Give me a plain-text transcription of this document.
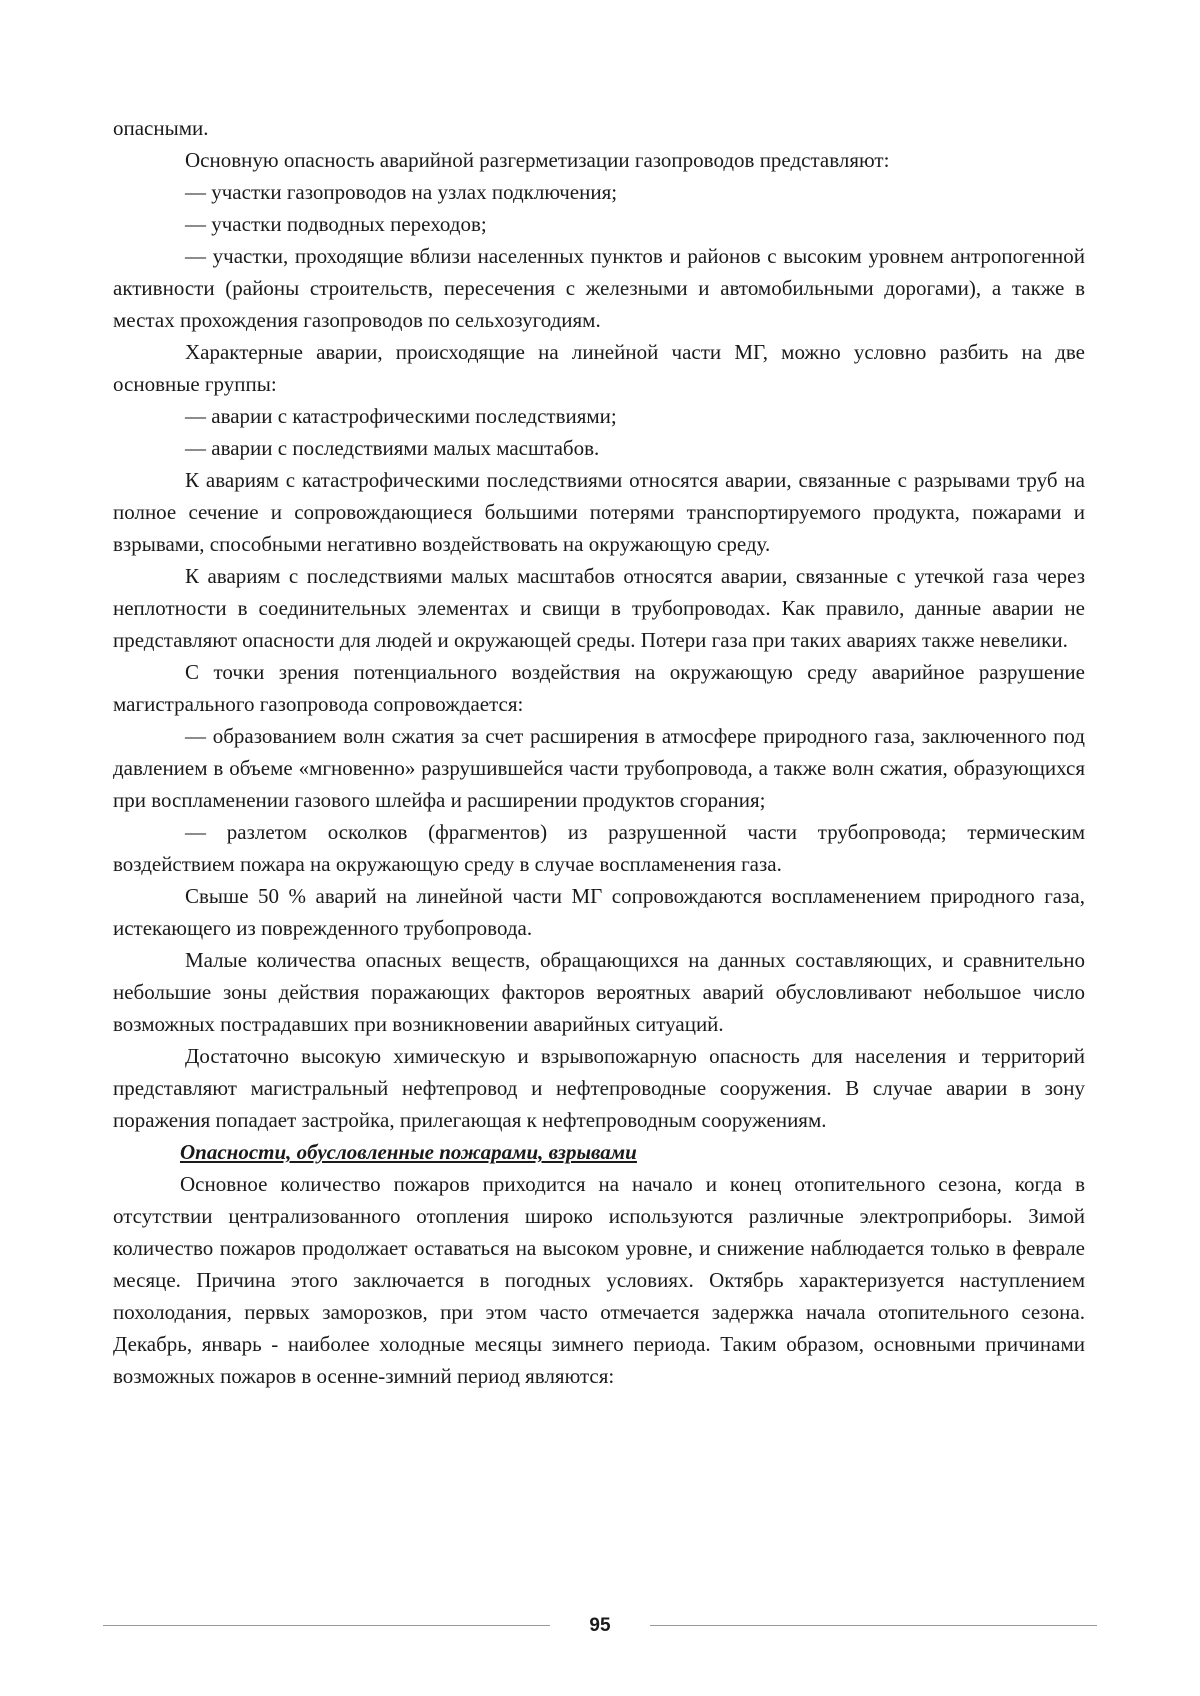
опасными.

Основную опасность аварийной разгерметизации газопроводов представляют:

— участки газопроводов на узлах подключения;

— участки подводных переходов;

— участки, проходящие вблизи населенных пунктов и районов с высоким уровнем антропогенной активности (районы строительств, пересечения с железными и автомобильными дорогами), а также в местах прохождения газопроводов по сельхозугодиям.

Характерные аварии, происходящие на линейной части МГ, можно условно разбить на две основные группы:

— аварии с катастрофическими последствиями;

— аварии с последствиями малых масштабов.

К авариям с катастрофическими последствиями относятся аварии, связанные с разрывами труб на полное сечение и сопровождающиеся большими потерями транспортируемого продукта, пожарами и взрывами, способными негативно воздействовать на окружающую среду.

К авариям с последствиями малых масштабов относятся аварии, связанные с утечкой газа через неплотности в соединительных элементах и свищи в трубопроводах. Как правило, данные аварии не представляют опасности для людей и окружающей среды. Потери газа при таких авариях также невелики.

С точки зрения потенциального воздействия на окружающую среду аварийное разрушение магистрального газопровода сопровождается:

— образованием волн сжатия за счет расширения в атмосфере природного газа, заключенного под давлением в объеме «мгновенно» разрушившейся части трубопровода, а также волн сжатия, образующихся при воспламенении газового шлейфа и расширении продуктов сгорания;

— разлетом осколков (фрагментов) из разрушенной части трубопровода; термическим воздействием пожара на окружающую среду в случае воспламенения газа.

Свыше 50 % аварий на линейной части МГ сопровождаются воспламенением природного газа, истекающего из поврежденного трубопровода.

Малые количества опасных веществ, обращающихся на данных составляющих, и сравнительно небольшие зоны действия поражающих факторов вероятных аварий обусловливают небольшое число возможных пострадавших при возникновении аварийных ситуаций.

Достаточно высокую химическую и взрывопожарную опасность для населения и территорий представляют магистральный нефтепровод и нефтепроводные сооружения. В случае аварии в зону поражения попадает застройка, прилегающая к нефтепроводным сооружениям.

Опасности, обусловленные пожарами, взрывами

Основное количество пожаров приходится на начало и конец отопительного сезона, когда в отсутствии централизованного отопления широко используются различные электроприборы. Зимой количество пожаров продолжает оставаться на высоком уровне, и снижение наблюдается только в феврале месяце. Причина этого заключается в погодных условиях. Октябрь характеризуется наступлением похолодания, первых заморозков, при этом часто отмечается задержка начала отопительного сезона. Декабрь, январь - наиболее холодные месяцы зимнего периода. Таким образом, основными причинами возможных пожаров в осенне-зимний период являются:

95
